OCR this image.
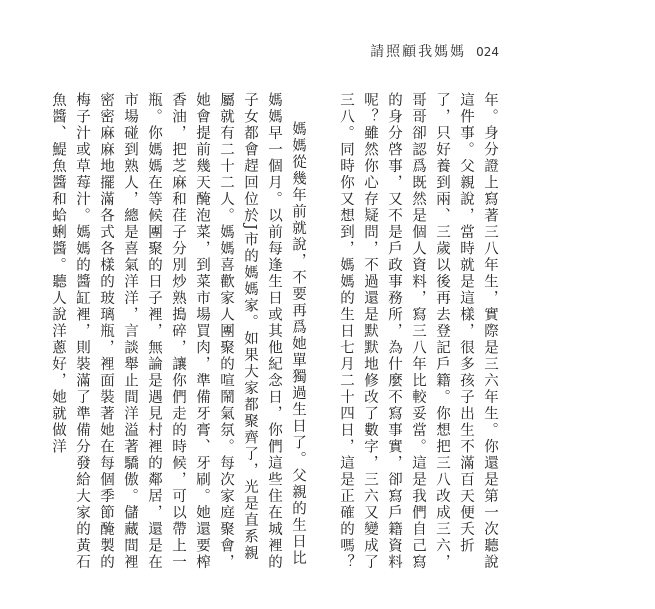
請照顧我媽媽 024

年。身分證上寫著三八年生，實際是三六年生。你還是第一次聽說這件事。父親說，當時就是這樣，很多孩子出生不滿百天便夭折了，只好養到兩、三歲以後再去登記戶籍。你想把三八改成三六，哥哥卻認爲既然是個人資料，寫三八年比較妥當。這是我們自己寫的身分啓事，又不是戶政事務所，為什麼不寫事實，卻寫戶籍資料呢？雖然你心存疑問，不過還是默默地修改了數字，三六又變成了三八。同時你又想到，媽媽的生日七月二十四日，這是正確的嗎？

媽媽從幾年前就說，不要再爲她單獨過生日了。父親的生日比媽媽早一個月。以前每逢生日或其他紀念日，你們這些住在城裡的子女都會趕回位於J市的媽媽家。如果大家都聚齊了，光是直系親屬就有二十二人。媽媽喜歡家人團聚的喧鬧氣氛。每次家庭聚會，她會提前幾天醃泡菜，到菜市場買肉，準備牙膏、牙刷。她還要榨香油，把芝麻和荏子分別炒熟搗碎，讓你們走的時候，可以帶上一瓶。你媽媽在等候團聚的日子裡，無論是遇見村裡的鄰居，還是在市場碰到熟人，總是喜氣洋洋，言談舉止間洋溢著驕傲。儲藏間裡密密麻麻地擺滿各式各樣的玻璃瓶，裡面裝著她在每個季節醃製的梅子汁或草莓汁。媽媽的醬缸裡，則裝滿了準備分發給大家的黃石魚醬、鯷魚醬和蛤蜊醬。聽人說洋蔥好，她就做洋
